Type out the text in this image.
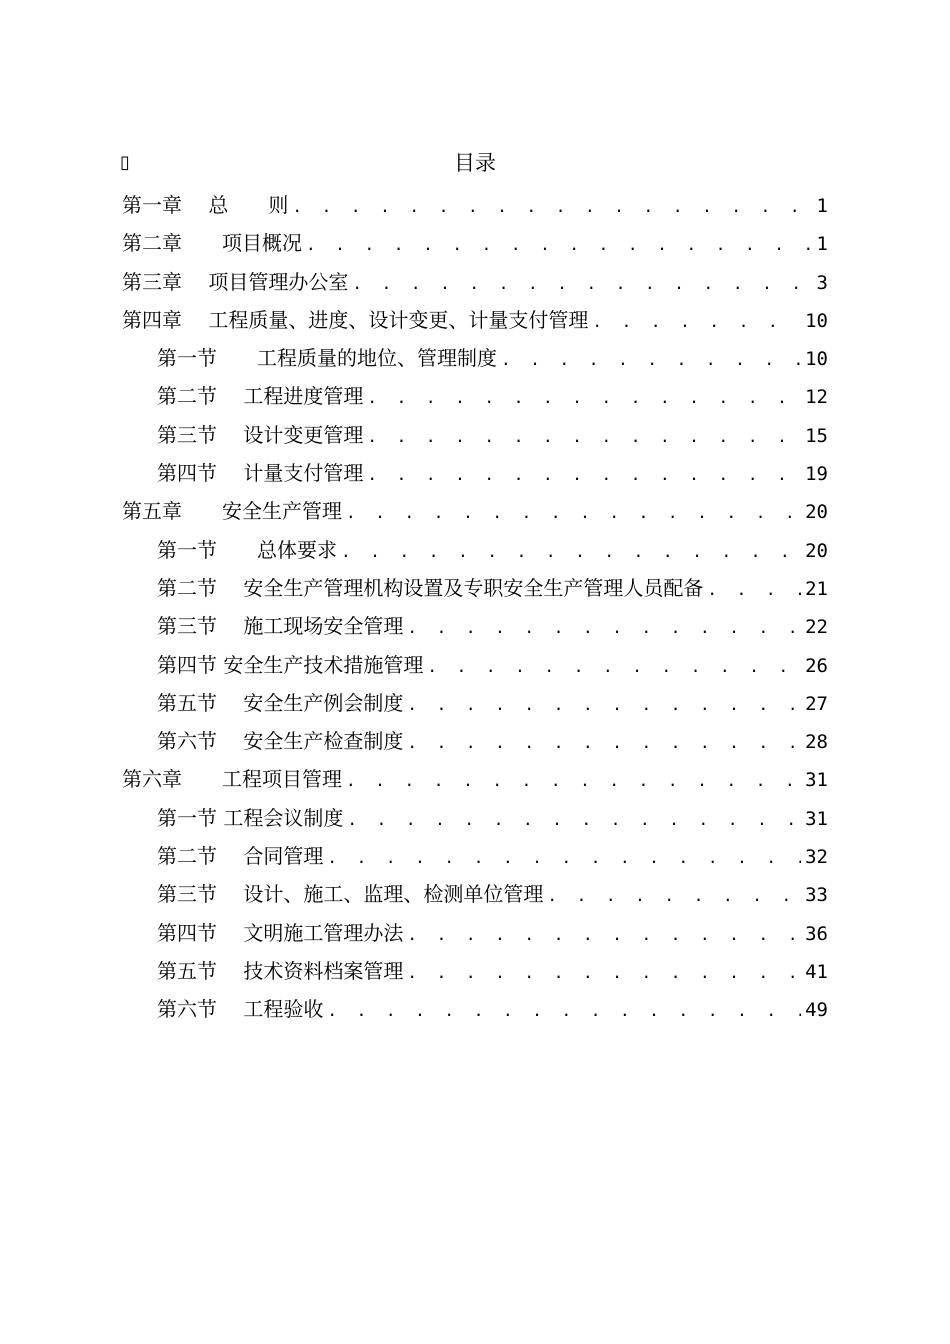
▯	目录
第一章　 总　　则 . . .	1
第二章　　项目概况 . . .	1
第三章　 项目管理办公室 . . .	3
第四章　 工程质量、进度、设计变更、计量支付管理 . . .	10
第一节　　工程质量的地位、管理制度 . . .	10
第二节　 工程进度管理 . . .	12
第三节　 设计变更管理 . . .	15
第四节　 计量支付管理 . . .	19
第五章　　安全生产管理 . . .	20
第一节　　总体要求 . . .	20
第二节　 安全生产管理机构设置及专职安全生产管理人员配备 . . .	21
第三节　 施工现场安全管理 . . .	22
第四节 安全生产技术措施管理 . . .	26
第五节　 安全生产例会制度 . . .	27
第六节　 安全生产检查制度 . . .	28
第六章　　工程项目管理 . . .	31
第一节 工程会议制度 . . .	31
第二节　 合同管理 . . .	32
第三节　 设计、施工、监理、检测单位管理 . . .	33
第四节　 文明施工管理办法 . . .	36
第五节　 技术资料档案管理 . . .	41
第六节　 工程验收 . . .	49
